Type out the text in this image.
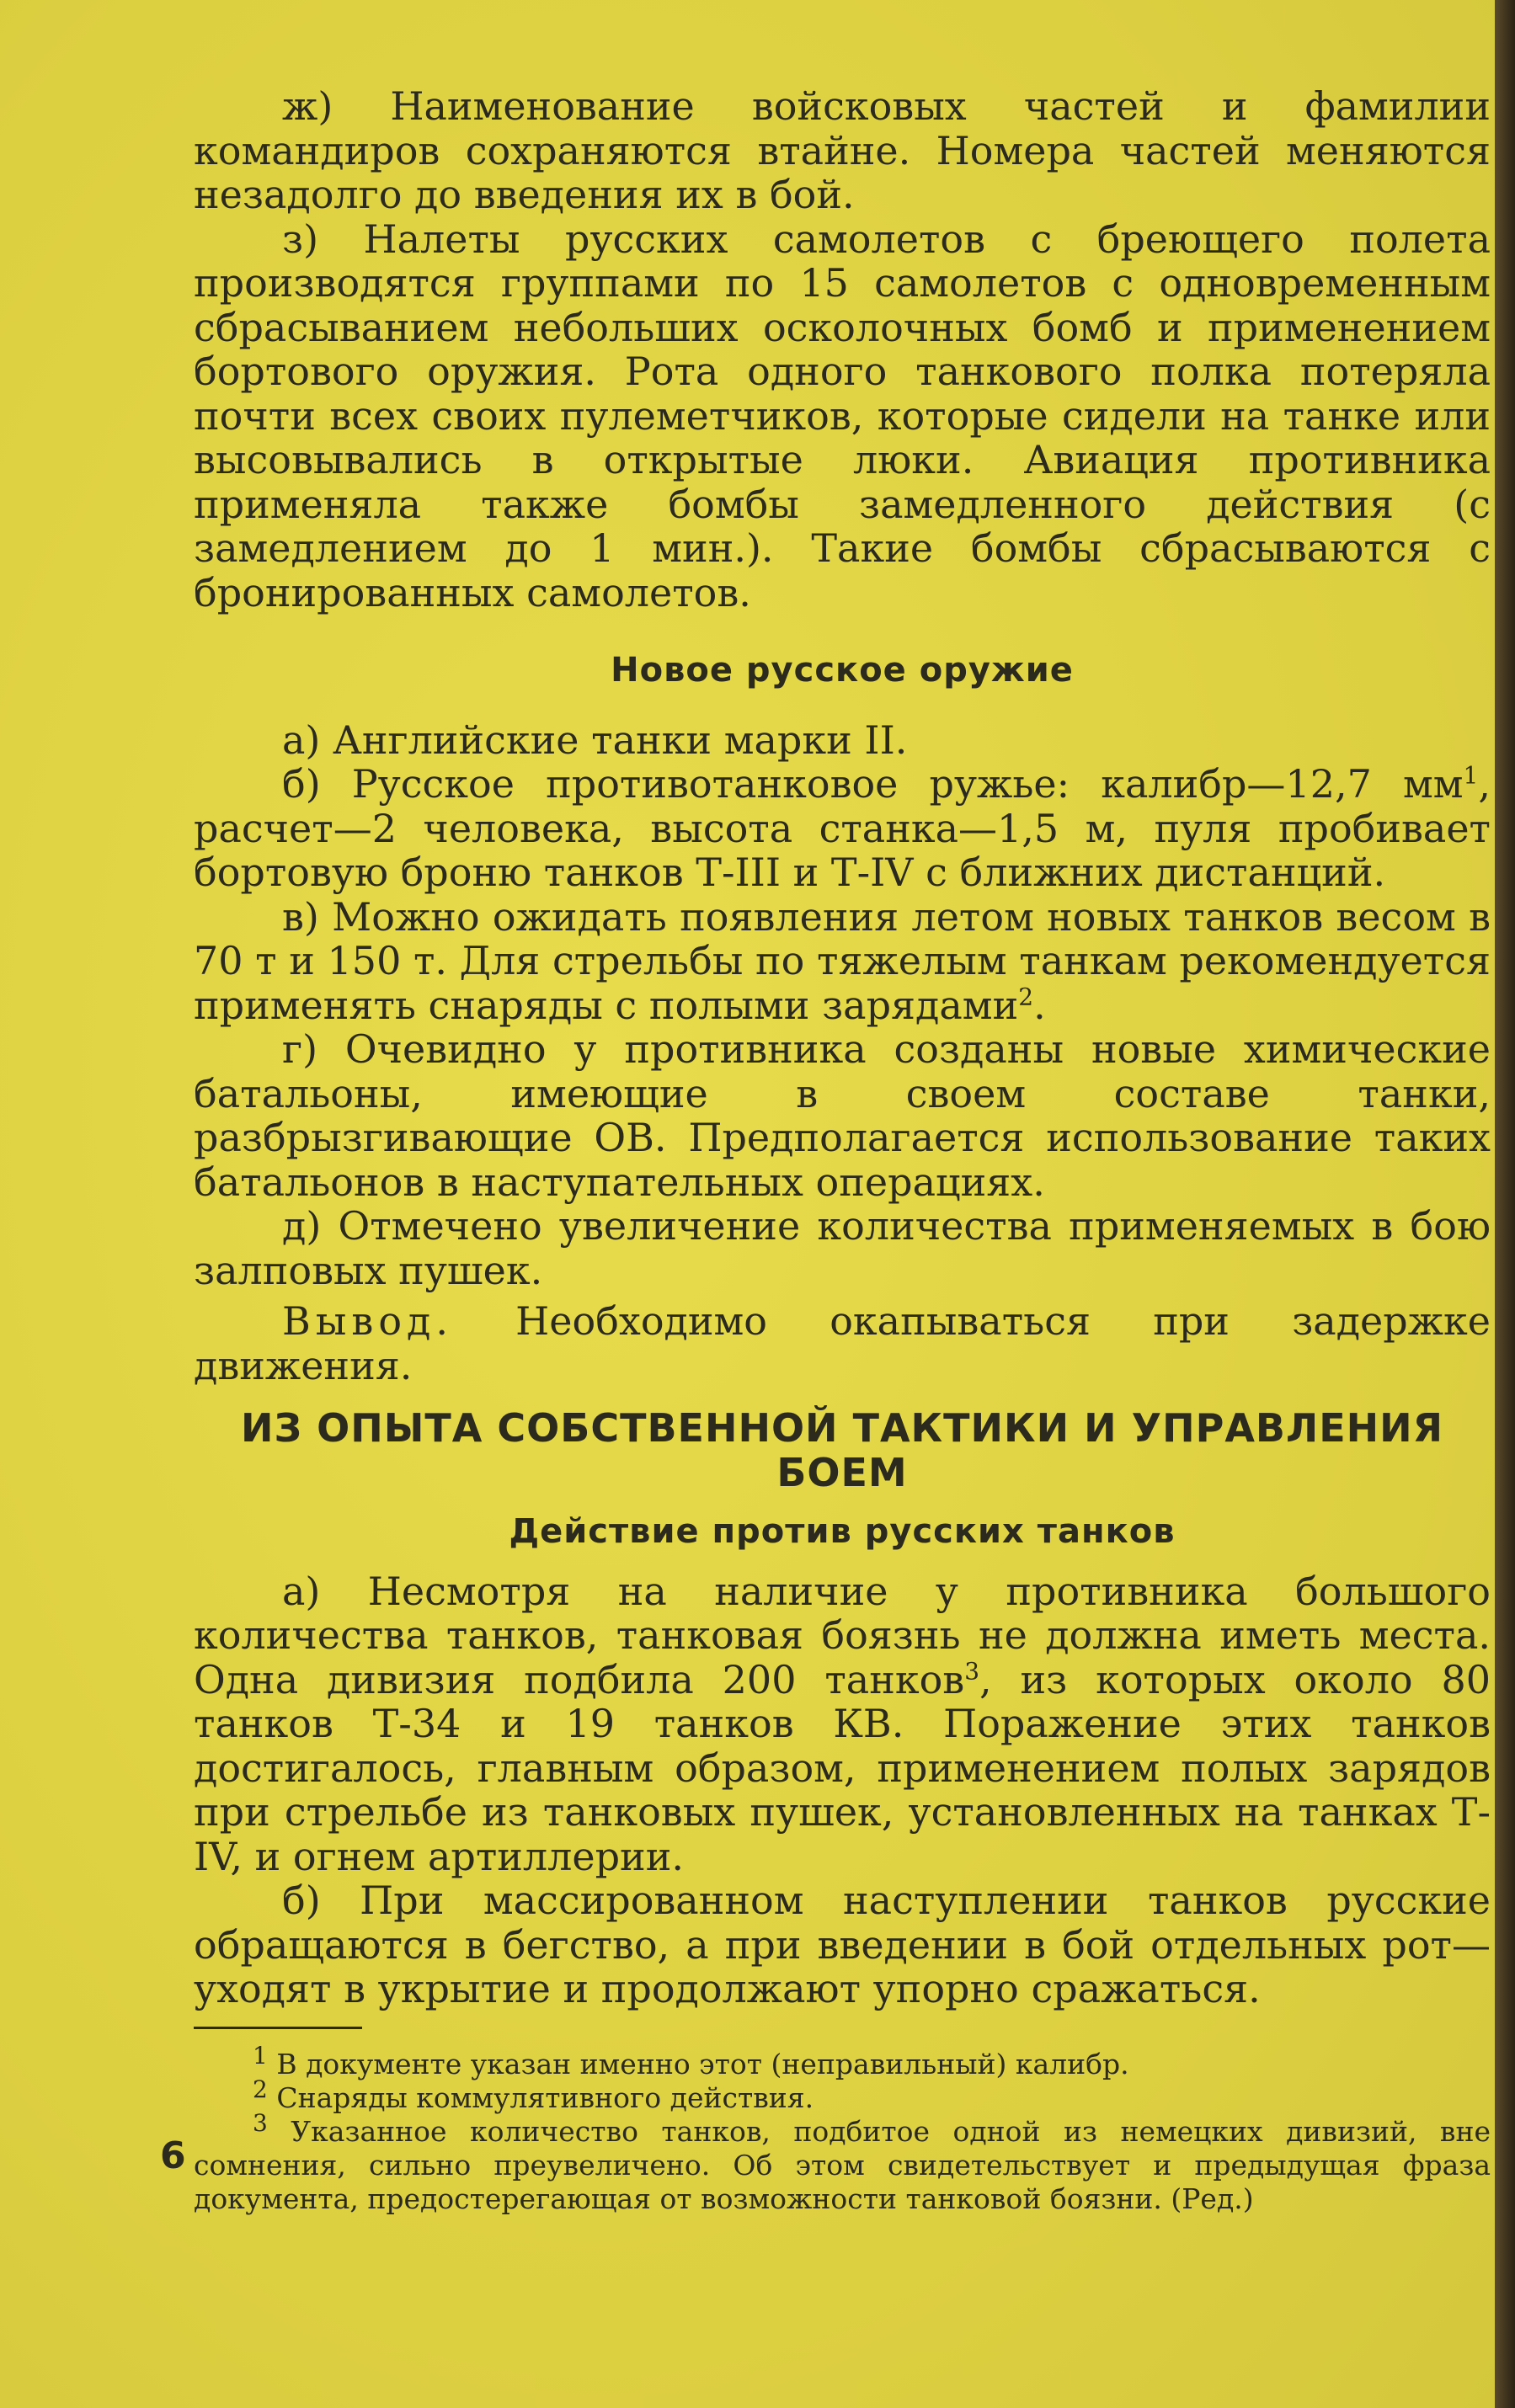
ж) Наименование войсковых частей и фамилии командиров сохраняются втайне. Номера частей меняются незадолго до введения их в бой.

з) Налеты русских самолетов с бреющего полета производятся группами по 15 самолетов с одновременным сбрасыванием небольших осколочных бомб и применением бортового оружия. Рота одного танкового полка потеряла почти всех своих пулеметчиков, которые сидели на танке или высовывались в открытые люки. Авиация противника применяла также бомбы замедленного действия (с замедлением до 1 мин.). Такие бомбы сбрасываются с бронированных самолетов.

Новое русское оружие

а) Английские танки марки II.

б) Русское противотанковое ружье: калибр—12,7 $мм^1$, расчет—2 человека, высота станка—1,5 м, пуля пробивает бортовую броню танков Т-III и Т-IV с ближних дистанций.

в) Можно ожидать появления летом новых танков весом в 70 т и 150 т. Для стрельбы по тяжелым танкам рекомендуется применять снаряды с полыми зарядами$^2$.

г) Очевидно у противника созданы новые химические батальоны, имеющие в своем составе танки, разбрызгивающие ОВ. Предполагается использование таких батальонов в наступательных операциях.

д) Отмечено увеличение количества применяемых в бою залповых пушек.

Вывод. Необходимо окапываться при задержке движения.

ИЗ ОПЫТА СОБСТВЕННОЙ ТАКТИКИ И УПРАВЛЕНИЯ БОЕМ

Действие против русских танков

а) Несмотря на наличие у противника большого количества танков, танковая боязнь не должна иметь места. Одна дивизия подбила 200 танков$^3$, из которых около 80 танков Т-34 и 19 танков КВ. Поражение этих танков достигалось, главным образом, применением полых зарядов при стрельбе из танковых пушек, установленных на танках Т-IV, и огнем артиллерии.

б) При массированном наступлении танков русские обращаются в бегство, а при введении в бой отдельных рот—уходят в укрытие и продолжают упорно сражаться.

$^1$ В документе указан именно этот (неправильный) калибр.

$^2$ Снаряды коммулятивного действия.

$^3$ Указанное количество танков, подбитое одной из немецких дивизий, вне сомнения, сильно преувеличено. Об этом свидетельствует и предыдущая фраза документа, предостерегающая от возможности танковой боязни. (Ред.)

6
